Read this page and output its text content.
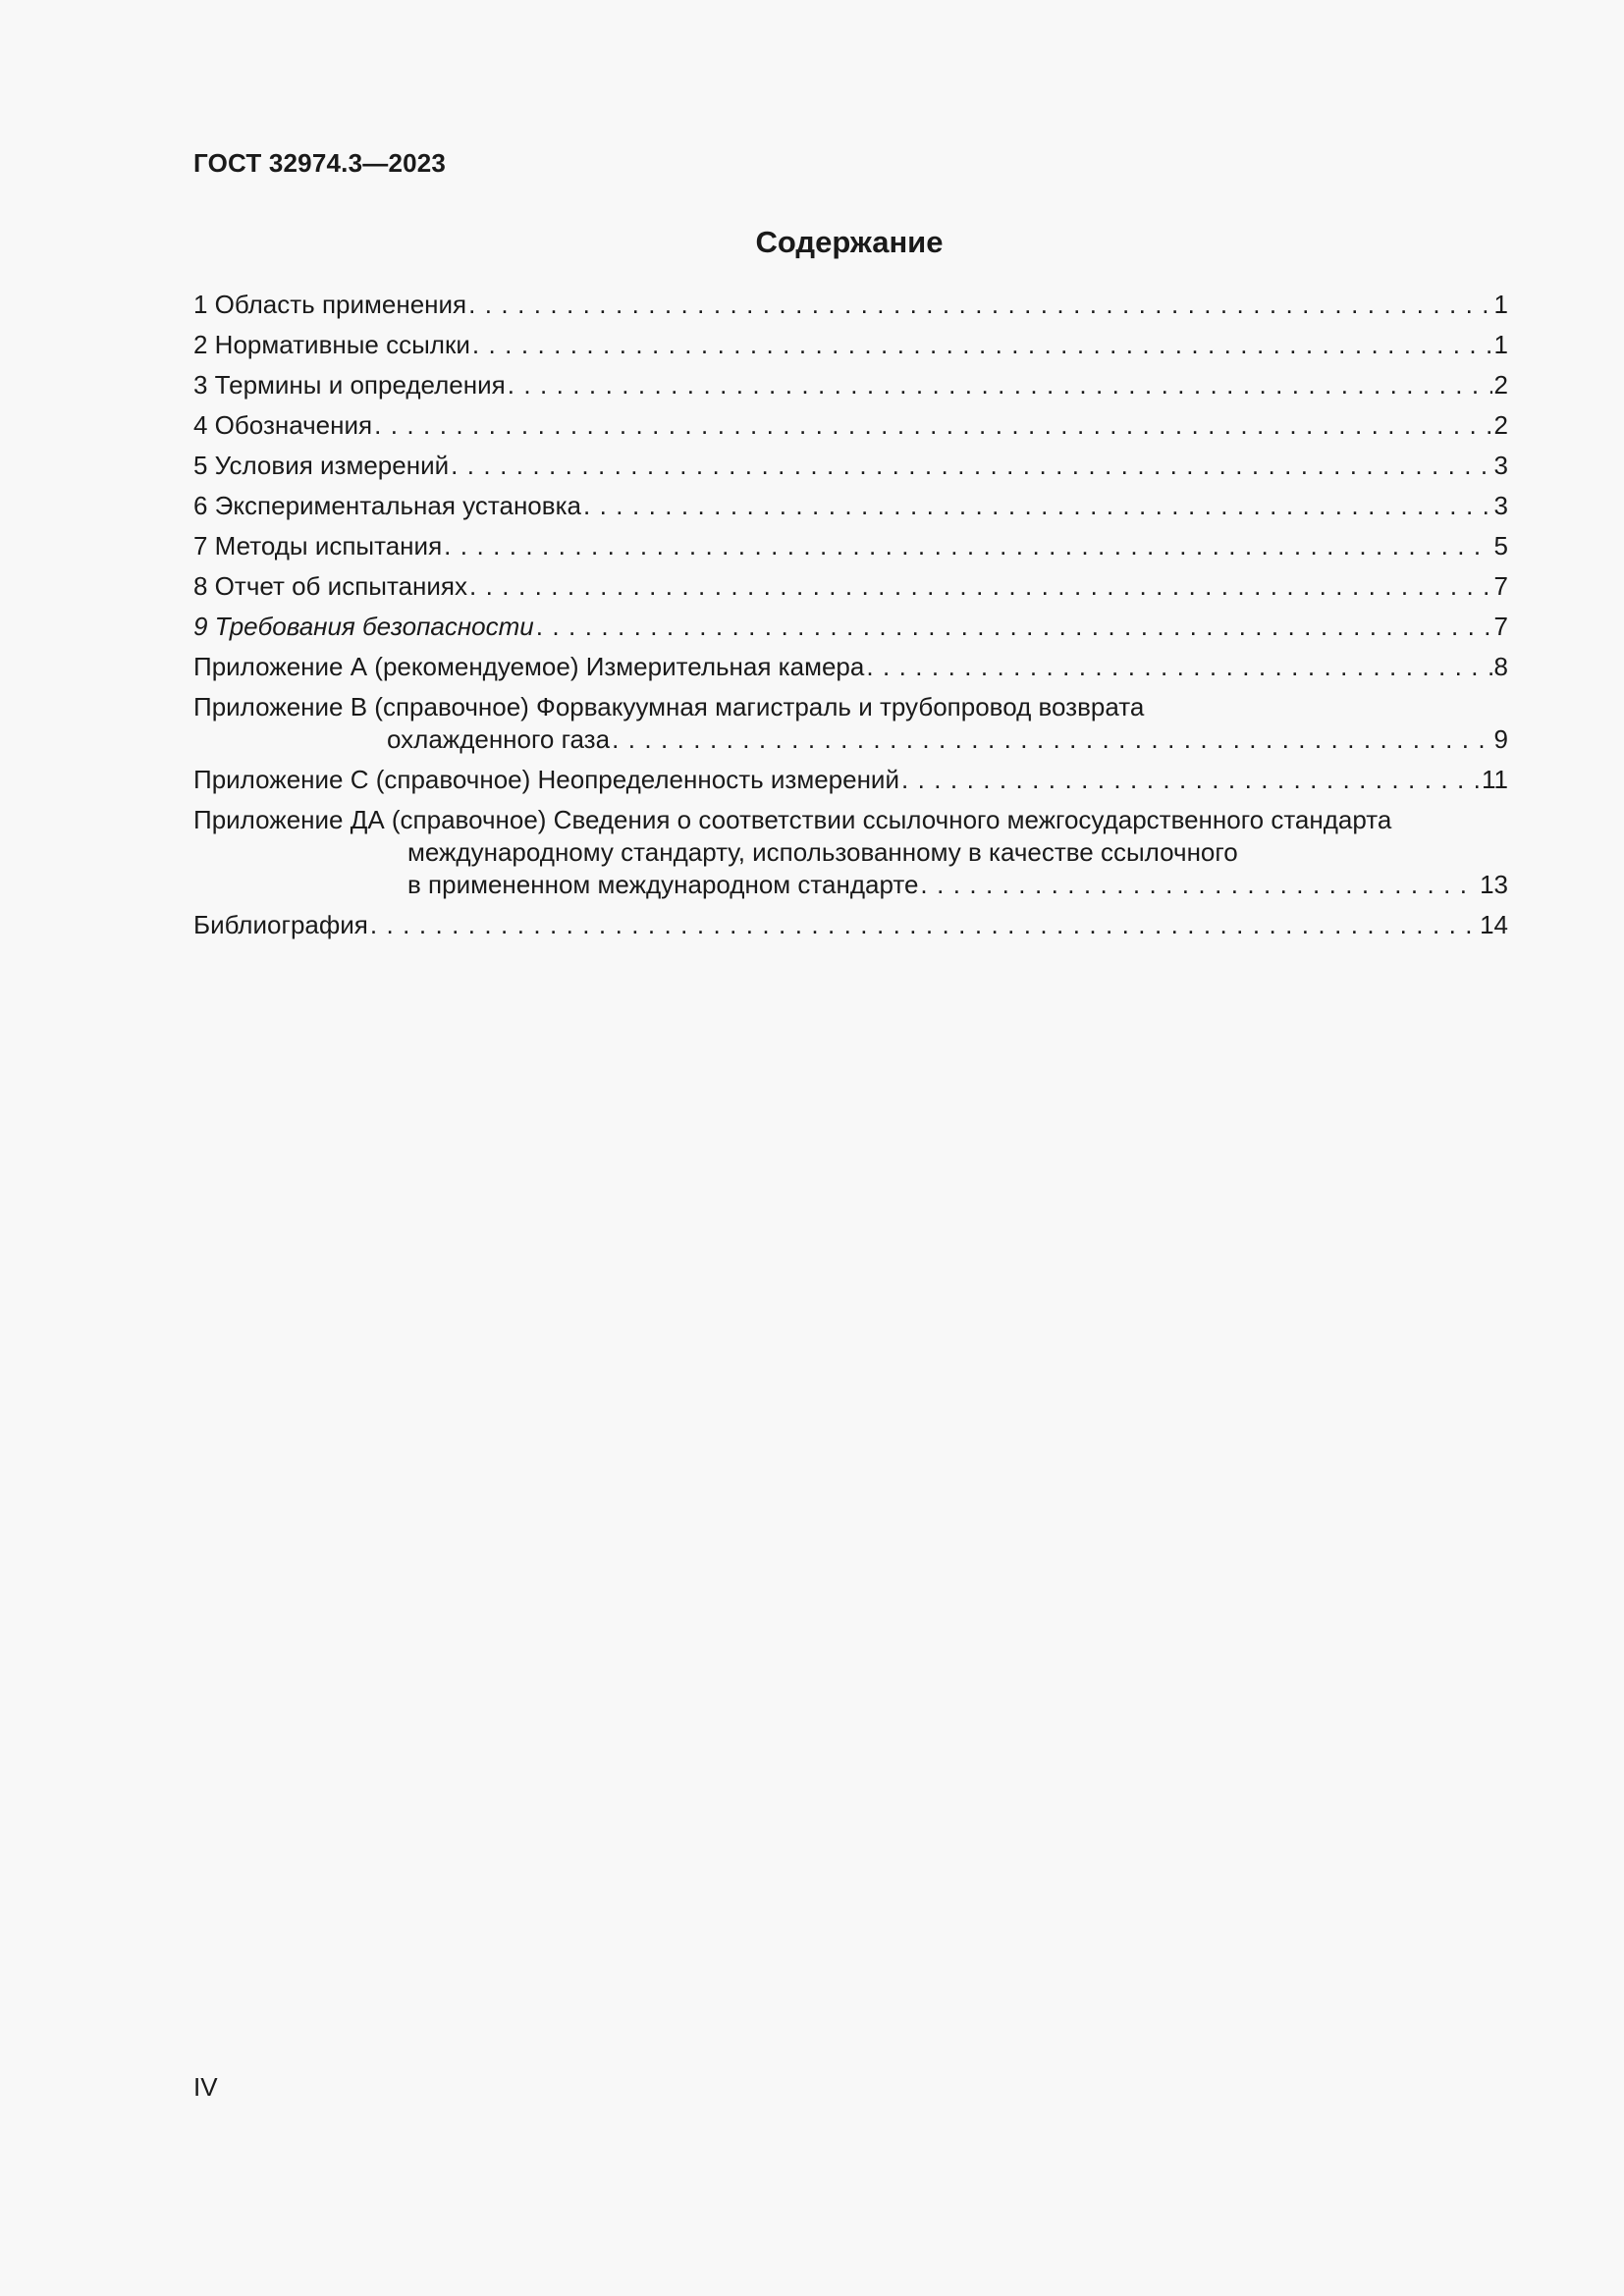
ГОСТ 32974.3—2023
Содержание
1 Область применения . . .	1
2 Нормативные ссылки . . .	1
3 Термины и определения . . .	2
4 Обозначения . . .	2
5 Условия измерений . . .	3
6 Экспериментальная установка . . .	3
7 Методы испытания . . .	5
8 Отчет об испытаниях . . .	7
9 Требования безопасности . . .	7
Приложение А (рекомендуемое) Измерительная камера . . .	8
Приложение В (справочное) Форвакуумная магистраль и трубопровод возврата
охлажденного газа . . .	9
Приложение С (справочное) Неопределенность измерений . . .	11
Приложение ДА (справочное) Сведения о соответствии ссылочного межгосударственного стандарта
международному стандарту, использованному в качестве ссылочного
в примененном международном стандарте . . .	13
Библиография . . .	14
IV
